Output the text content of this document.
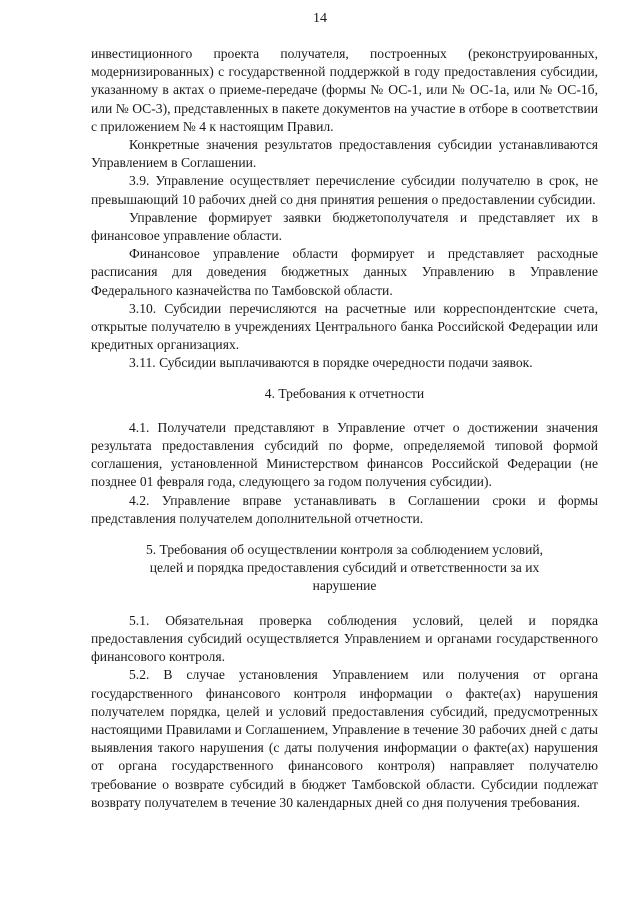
14

инвестиционного проекта получателя, построенных (реконструированных, модернизированных) с государственной поддержкой в году предоставления субсидии, указанному в актах о приеме-передаче (формы № ОС-1, или № ОС-1а, или № ОС-1б, или № ОС-3), представленных в пакете документов на участие в отборе в соответствии с приложением № 4 к настоящим Правил.

Конкретные значения результатов предоставления субсидии устанавливаются Управлением в Соглашении.

3.9. Управление осуществляет перечисление субсидии получателю в срок, не превышающий 10 рабочих дней со дня принятия решения о предоставлении субсидии.

Управление формирует заявки бюджетополучателя и представляет их в финансовое управление области.

Финансовое управление области формирует и представляет расходные расписания для доведения бюджетных данных Управлению в Управление Федерального казначейства по Тамбовской области.

3.10. Субсидии перечисляются на расчетные или корреспондентские счета, открытые получателю в учреждениях Центрального банка Российской Федерации или кредитных организациях.

3.11. Субсидии выплачиваются в порядке очередности подачи заявок.

4. Требования к отчетности

4.1. Получатели представляют в Управление отчет о достижении значения результата предоставления субсидий по форме, определяемой типовой формой соглашения, установленной Министерством финансов Российской Федерации (не позднее 01 февраля года, следующего за годом получения субсидии).

4.2. Управление вправе устанавливать в Соглашении сроки и формы представления получателем дополнительной отчетности.

5. Требования об осуществлении контроля за соблюдением условий,
целей и порядка предоставления субсидий и ответственности за их
нарушение

5.1. Обязательная проверка соблюдения условий, целей и порядка предоставления субсидий осуществляется Управлением и органами государственного финансового контроля.

5.2. В случае установления Управлением или получения от органа государственного финансового контроля информации о факте(ах) нарушения получателем порядка, целей и условий предоставления субсидий, предусмотренных настоящими Правилами и Соглашением, Управление в течение 30 рабочих дней с даты выявления такого нарушения (с даты получения информации о факте(ах) нарушения от органа государственного финансового контроля) направляет получателю требование о возврате субсидий в бюджет Тамбовской области. Субсидии подлежат возврату получателем в течение 30 календарных дней со дня получения требования.
